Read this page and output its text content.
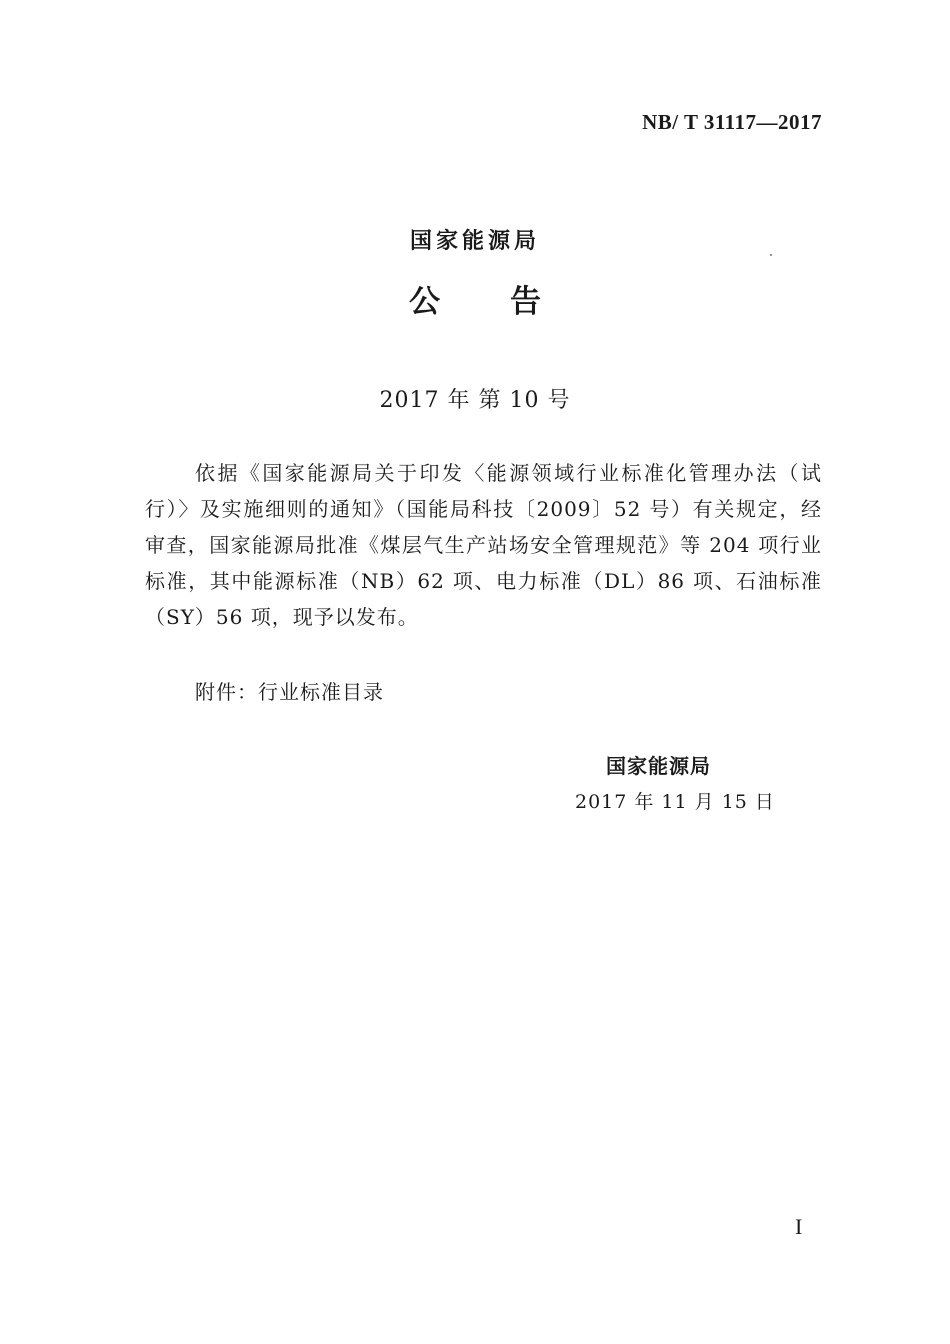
NB/ T 31117—2017
国家能源局
公告
2017 年 第 10 号

依据《国家能源局关于印发〈能源领域行业标准化管理办法（试行）〉及实施细则的通知》（国能局科技〔2009〕52 号）有关规定，经审查，国家能源局批准《煤层气生产站场安全管理规范》等 204 项行业标准，其中能源标准（NB）62 项、电力标准（DL）86 项、石油标准（SY）56 项，现予以发布。

附件：行业标准目录
国家能源局
2017 年 11 月 15 日
I
